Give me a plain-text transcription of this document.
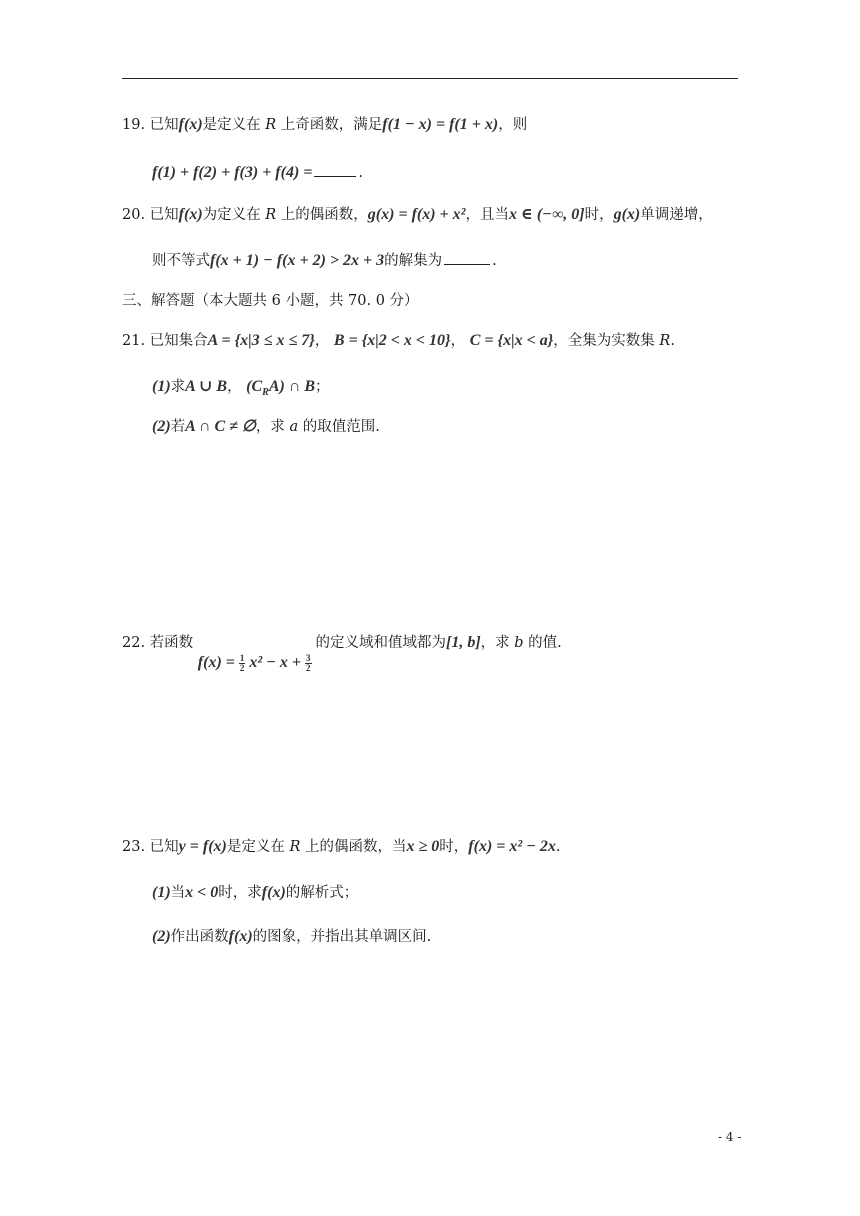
19. 已知f(x)是定义在 R 上奇函数，满足f(1 − x) = f(1 + x)，则
f(1) + f(2) + f(3) + f(4) =	.
20. 已知f(x)为定义在 R 上的偶函数，g(x) = f(x) + x²，且当x ∈ (−∞, 0]时，g(x)单调递增，
则不等式f(x + 1) − f(x + 2) > 2x + 3的解集为	.
三、解答题（本大题共 6 小题，共 70. 0 分）
21. 已知集合A = {x|3 ≤ x ≤ 7}， B = {x|2 < x < 10}， C = {x|x < a}，全集为实数集 R.
(1)求A ∪ B， $(C_RA)$ ∩ B；
(2)若A ∩ C ≠ ∅，求 a 的取值范围.
22. 若函数 $f(x) = \frac{1}{2} x^2 - x + \frac{3}{2}$
的定义域和值域都为[1, b]，求 b 的值.
23. 已知y = f(x)是定义在 R 上的偶函数，当x ≥ 0时，f(x) = x² − 2x.
(1)当x < 0时，求f(x)的解析式；
(2)作出函数f(x)的图象，并指出其单调区间.
- 4 -
